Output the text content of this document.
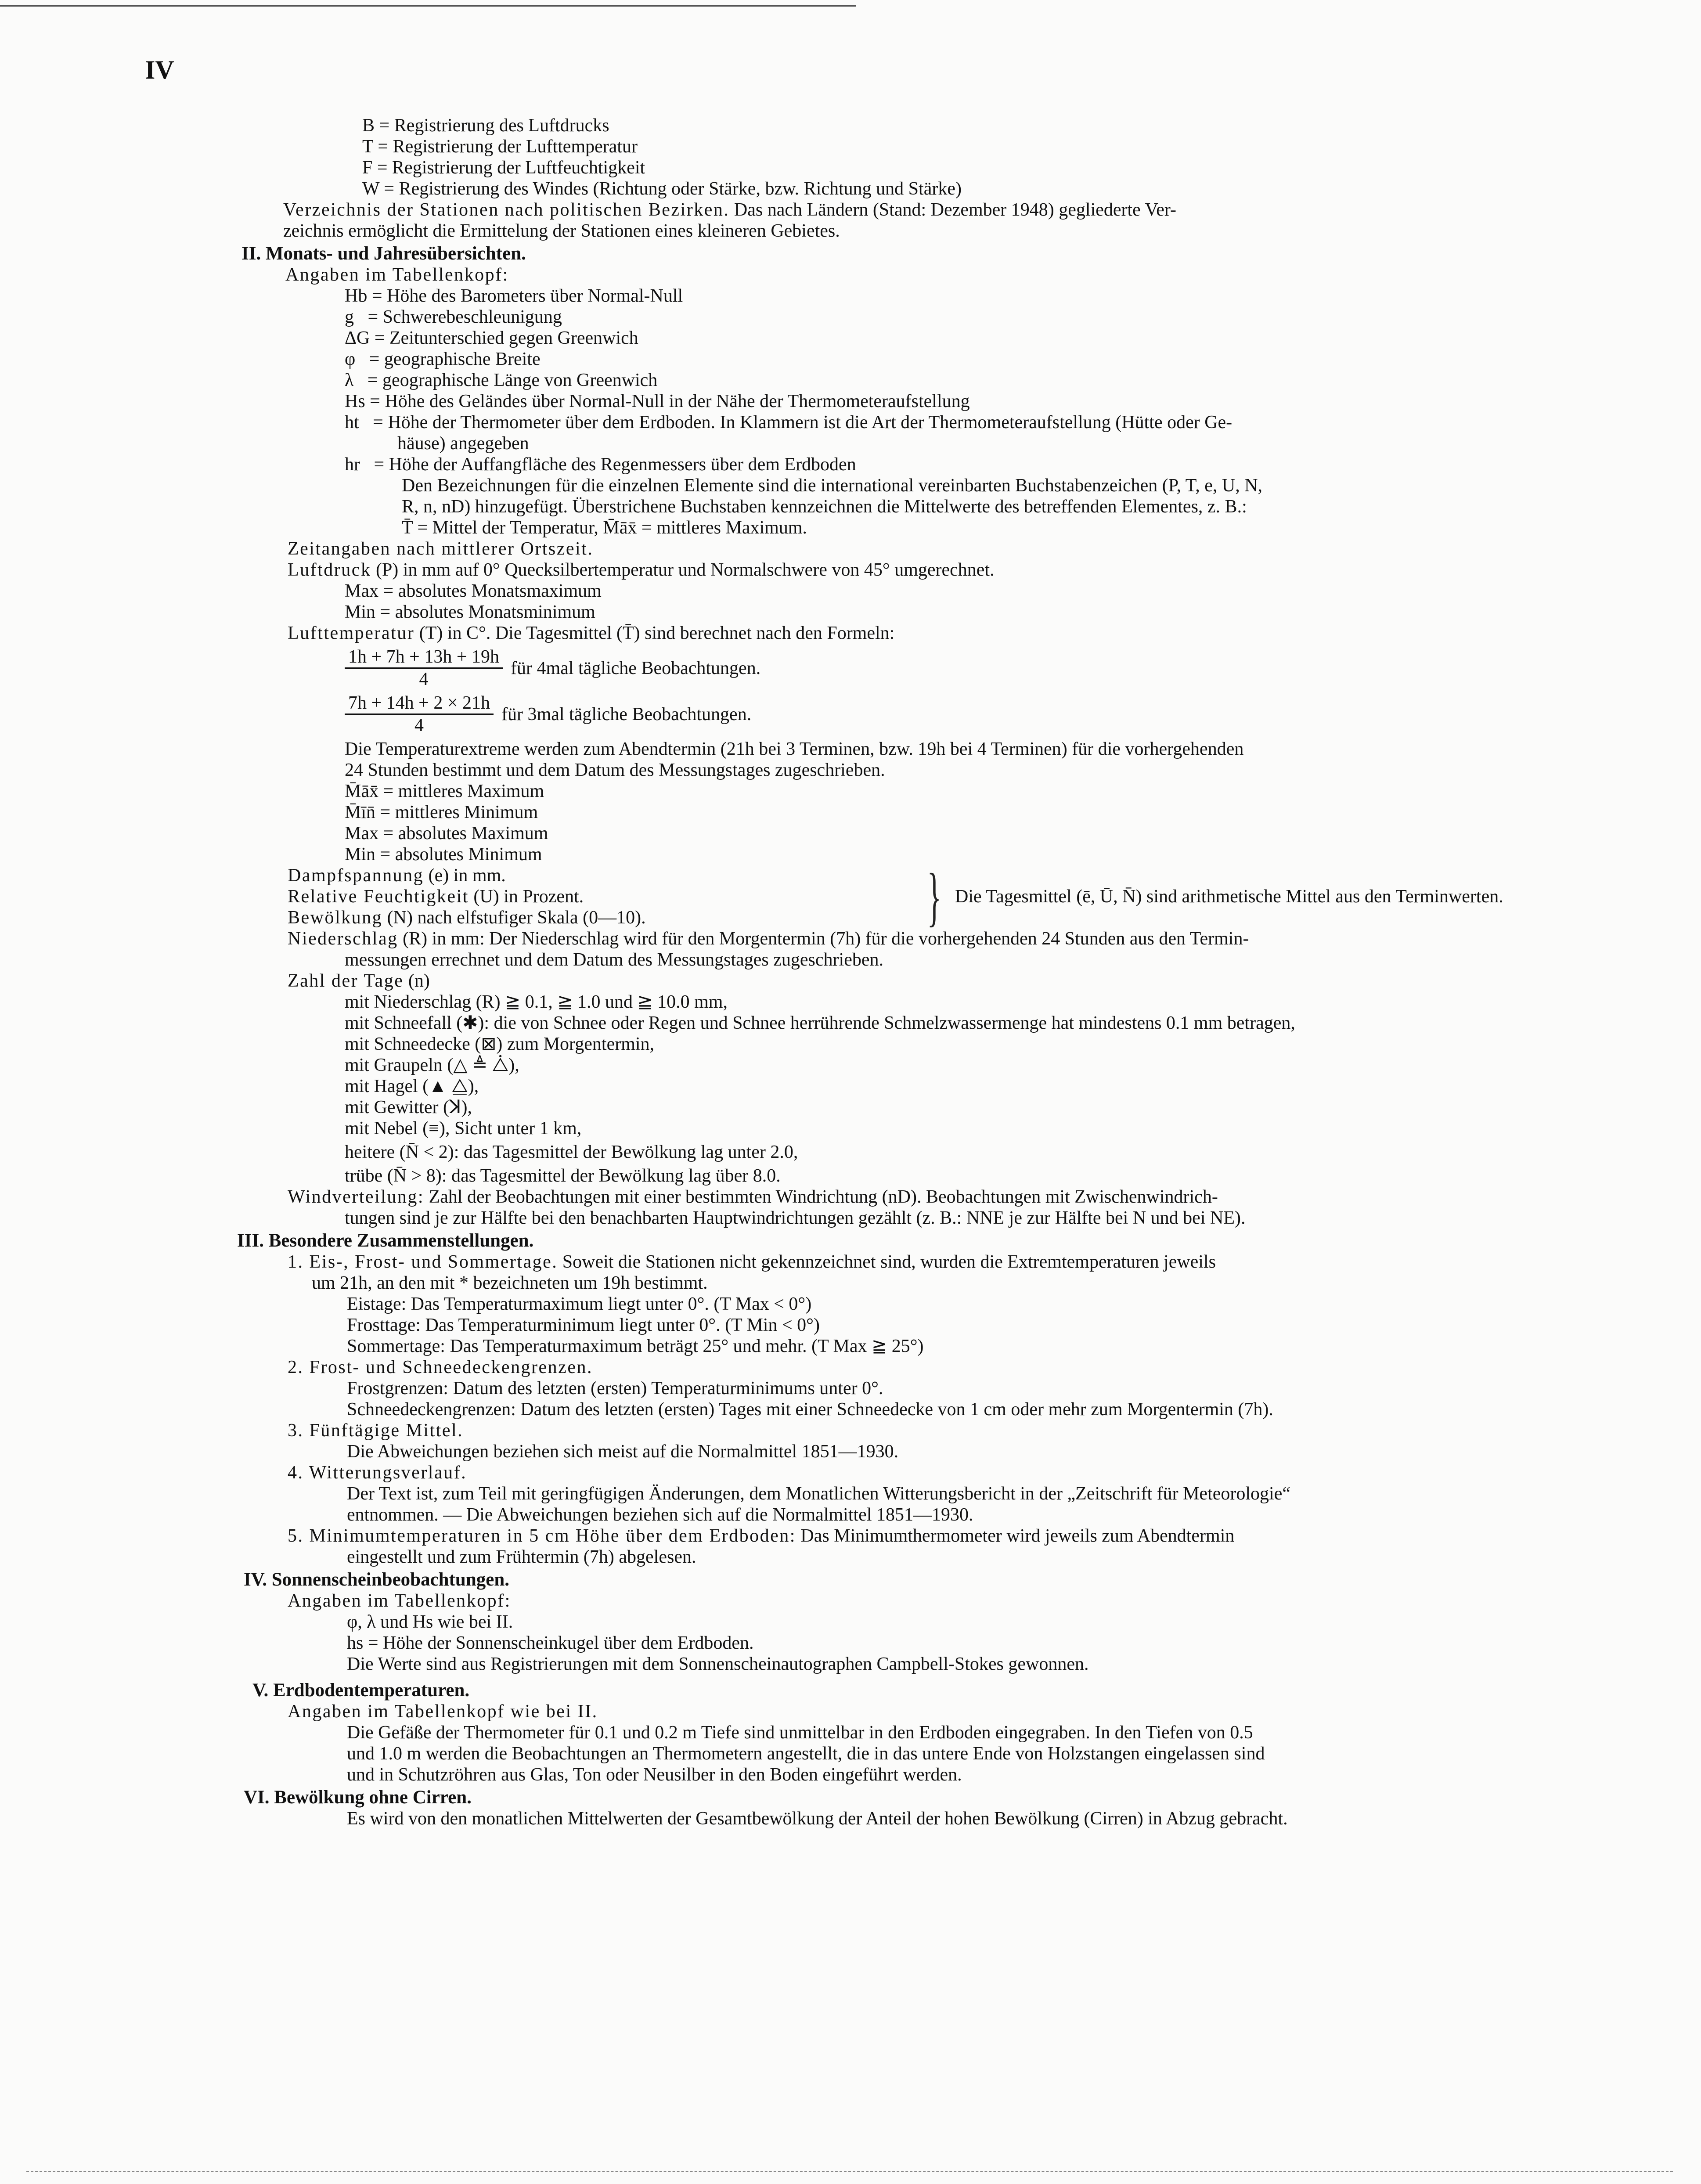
IV
B = Registrierung des Luftdrucks
T = Registrierung der Lufttemperatur
F = Registrierung der Luftfeuchtigkeit
W = Registrierung des Windes (Richtung oder Stärke, bzw. Richtung und Stärke)
Verzeichnis der Stationen nach politischen Bezirken. Das nach Ländern (Stand: Dezember 1948) gegliederte Ver-
zeichnis ermöglicht die Ermittelung der Stationen eines kleineren Gebietes.
II. Monats- und Jahresübersichten.
Angaben im Tabellenkopf:
Hb = Höhe des Barometers über Normal-Null
g   = Schwerebeschleunigung
ΔG = Zeitunterschied gegen Greenwich
φ   = geographische Breite
λ   = geographische Länge von Greenwich
Hs = Höhe des Geländes über Normal-Null in der Nähe der Thermometeraufstellung
ht   = Höhe der Thermometer über dem Erdboden. In Klammern ist die Art der Thermometeraufstellung (Hütte oder Ge-
häuse) angegeben
hr   = Höhe der Auffangfläche des Regenmessers über dem Erdboden
Den Bezeichnungen für die einzelnen Elemente sind die international vereinbarten Buchstabenzeichen (P, T, e, U, N,
R, n, nD) hinzugefügt. Überstrichene Buchstaben kennzeichnen die Mittelwerte des betreffenden Elementes, z. B.:
T̄ = Mittel der Temperatur, M̄āx̄ = mittleres Maximum.
Zeitangaben nach mittlerer Ortszeit.
Luftdruck (P) in mm auf 0° Quecksilbertemperatur und Normalschwere von 45° umgerechnet.
Max = absolutes Monatsmaximum
Min = absolutes Monatsminimum
Lufttemperatur (T) in C°. Die Tagesmittel (T̄) sind berechnet nach den Formeln:
$\frac{1h + 7h + 13h + 19h}{4}$ für 4mal tägliche Beobachtungen.
$\frac{7h + 14h + 2 \times 21h}{4}$ für 3mal tägliche Beobachtungen.
Die Temperaturextreme werden zum Abendtermin (21h bei 3 Terminen, bzw. 19h bei 4 Terminen) für die vorhergehenden
24 Stunden bestimmt und dem Datum des Messungstages zugeschrieben.
M̄āx̄ = mittleres Maximum
M̄īn̄ = mittleres Minimum
Max = absolutes Maximum
Min = absolutes Minimum
Dampfspannung (e) in mm.
Relative Feuchtigkeit (U) in Prozent.
Bewölkung (N) nach elfstufiger Skala (0—10).	} Die Tagesmittel (ē, Ū, N̄) sind arithmetische Mittel aus den Terminwerten.
Niederschlag (R) in mm: Der Niederschlag wird für den Morgentermin (7h) für die vorhergehenden 24 Stunden aus den Termin-
messungen errechnet und dem Datum des Messungstages zugeschrieben.
Zahl der Tage (n)
mit Niederschlag (R) ≧ 0.1, ≧ 1.0 und ≧ 10.0 mm,
mit Schneefall (✱): die von Schnee oder Regen und Schnee herrührende Schmelzwassermenge hat mindestens 0.1 mm betragen,
mit Schneedecke (⊠) zum Morgentermin,
mit Graupeln (△ ≜ ⧊),
mit Hagel (▲ ⧋),
mit Gewitter (ꓘ),
mit Nebel (≡), Sicht unter 1 km,
heitere (N̄ < 2): das Tagesmittel der Bewölkung lag unter 2.0,
trübe (N̄ > 8): das Tagesmittel der Bewölkung lag über 8.0.
Windverteilung: Zahl der Beobachtungen mit einer bestimmten Windrichtung (nD). Beobachtungen mit Zwischenwindrich-
tungen sind je zur Hälfte bei den benachbarten Hauptwindrichtungen gezählt (z. B.: NNE je zur Hälfte bei N und bei NE).
III. Besondere Zusammenstellungen.
1. Eis-, Frost- und Sommertage. Soweit die Stationen nicht gekennzeichnet sind, wurden die Extremtemperaturen jeweils
um 21h, an den mit * bezeichneten um 19h bestimmt.
Eistage: Das Temperaturmaximum liegt unter 0°. (T Max < 0°)
Frosttage: Das Temperaturminimum liegt unter 0°. (T Min < 0°)
Sommertage: Das Temperaturmaximum beträgt 25° und mehr. (T Max ≧ 25°)
2. Frost- und Schneedeckengrenzen.
Frostgrenzen: Datum des letzten (ersten) Temperaturminimums unter 0°.
Schneedeckengrenzen: Datum des letzten (ersten) Tages mit einer Schneedecke von 1 cm oder mehr zum Morgentermin (7h).
3. Fünftägige Mittel.
Die Abweichungen beziehen sich meist auf die Normalmittel 1851—1930.
4. Witterungsverlauf.
Der Text ist, zum Teil mit geringfügigen Änderungen, dem Monatlichen Witterungsbericht in der „Zeitschrift für Meteorologie“
entnommen. — Die Abweichungen beziehen sich auf die Normalmittel 1851—1930.
5. Minimumtemperaturen in 5 cm Höhe über dem Erdboden: Das Minimumthermometer wird jeweils zum Abendtermin
eingestellt und zum Frühtermin (7h) abgelesen.
IV. Sonnenscheinbeobachtungen.
Angaben im Tabellenkopf:
φ, λ und Hs wie bei II.
hs = Höhe der Sonnenscheinkugel über dem Erdboden.
Die Werte sind aus Registrierungen mit dem Sonnenscheinautographen Campbell-Stokes gewonnen.
V. Erdbodentemperaturen.
Angaben im Tabellenkopf wie bei II.
Die Gefäße der Thermometer für 0.1 und 0.2 m Tiefe sind unmittelbar in den Erdboden eingegraben. In den Tiefen von 0.5
und 1.0 m werden die Beobachtungen an Thermometern angestellt, die in das untere Ende von Holzstangen eingelassen sind
und in Schutzröhren aus Glas, Ton oder Neusilber in den Boden eingeführt werden.
VI. Bewölkung ohne Cirren.
Es wird von den monatlichen Mittelwerten der Gesamtbewölkung der Anteil der hohen Bewölkung (Cirren) in Abzug gebracht.
